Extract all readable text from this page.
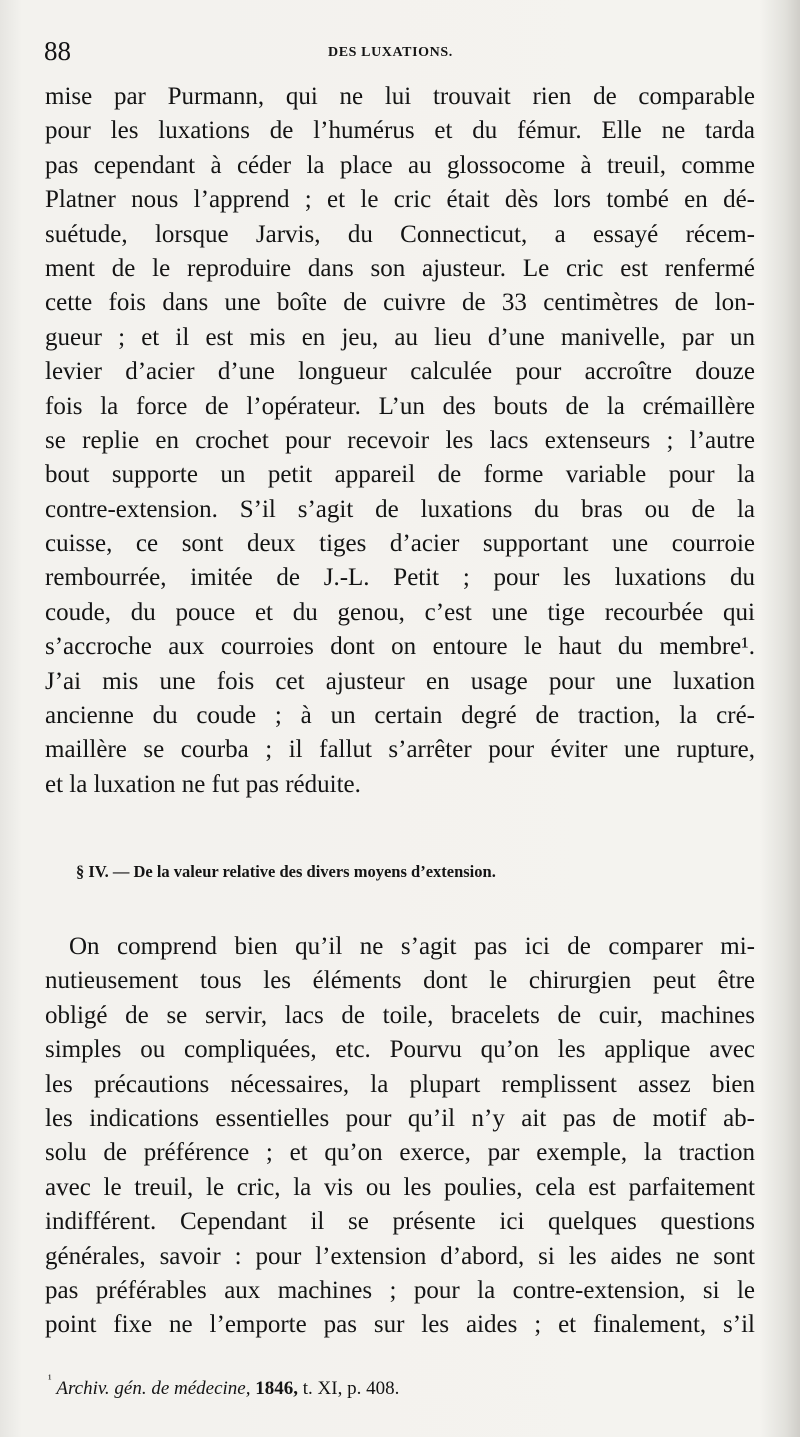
88	DES LUXATIONS.
mise par Purmann, qui ne lui trouvait rien de comparable
pour les luxations de l’humérus et du fémur. Elle ne tarda
pas cependant à céder la place au glossocome à treuil, comme
Platner nous l’apprend ; et le cric était dès lors tombé en dé-
suétude, lorsque Jarvis, du Connecticut, a essayé récem-
ment de le reproduire dans son ajusteur. Le cric est renfermé
cette fois dans une boîte de cuivre de 33 centimètres de lon-
gueur ; et il est mis en jeu, au lieu d’une manivelle, par un
levier d’acier d’une longueur calculée pour accroître douze
fois la force de l’opérateur. L’un des bouts de la crémaillère
se replie en crochet pour recevoir les lacs extenseurs ; l’autre
bout supporte un petit appareil de forme variable pour la
contre-extension. S’il s’agit de luxations du bras ou de la
cuisse, ce sont deux tiges d’acier supportant une courroie
rembourrée, imitée de J.-L. Petit ; pour les luxations du
coude, du pouce et du genou, c’est une tige recourbée qui
s’accroche aux courroies dont on entoure le haut du membre¹.
J’ai mis une fois cet ajusteur en usage pour une luxation
ancienne du coude ; à un certain degré de traction, la cré-
maillère se courba ; il fallut s’arrêter pour éviter une rupture,
et la luxation ne fut pas réduite.
§ IV. — De la valeur relative des divers moyens d’extension.
On comprend bien qu’il ne s’agit pas ici de comparer mi-
nutieusement tous les éléments dont le chirurgien peut être
obligé de se servir, lacs de toile, bracelets de cuir, machines
simples ou compliquées, etc. Pourvu qu’on les applique avec
les précautions nécessaires, la plupart remplissent assez bien
les indications essentielles pour qu’il n’y ait pas de motif ab-
solu de préférence ; et qu’on exerce, par exemple, la traction
avec le treuil, le cric, la vis ou les poulies, cela est parfaitement
indifférent. Cependant il se présente ici quelques questions
générales, savoir : pour l’extension d’abord, si les aides ne sont
pas préférables aux machines ; pour la contre-extension, si le
point fixe ne l’emporte pas sur les aides ; et finalement, s’il
$^{^1}$ Archiv. gén. de médecine, 1846, t. XI, p. 408.
